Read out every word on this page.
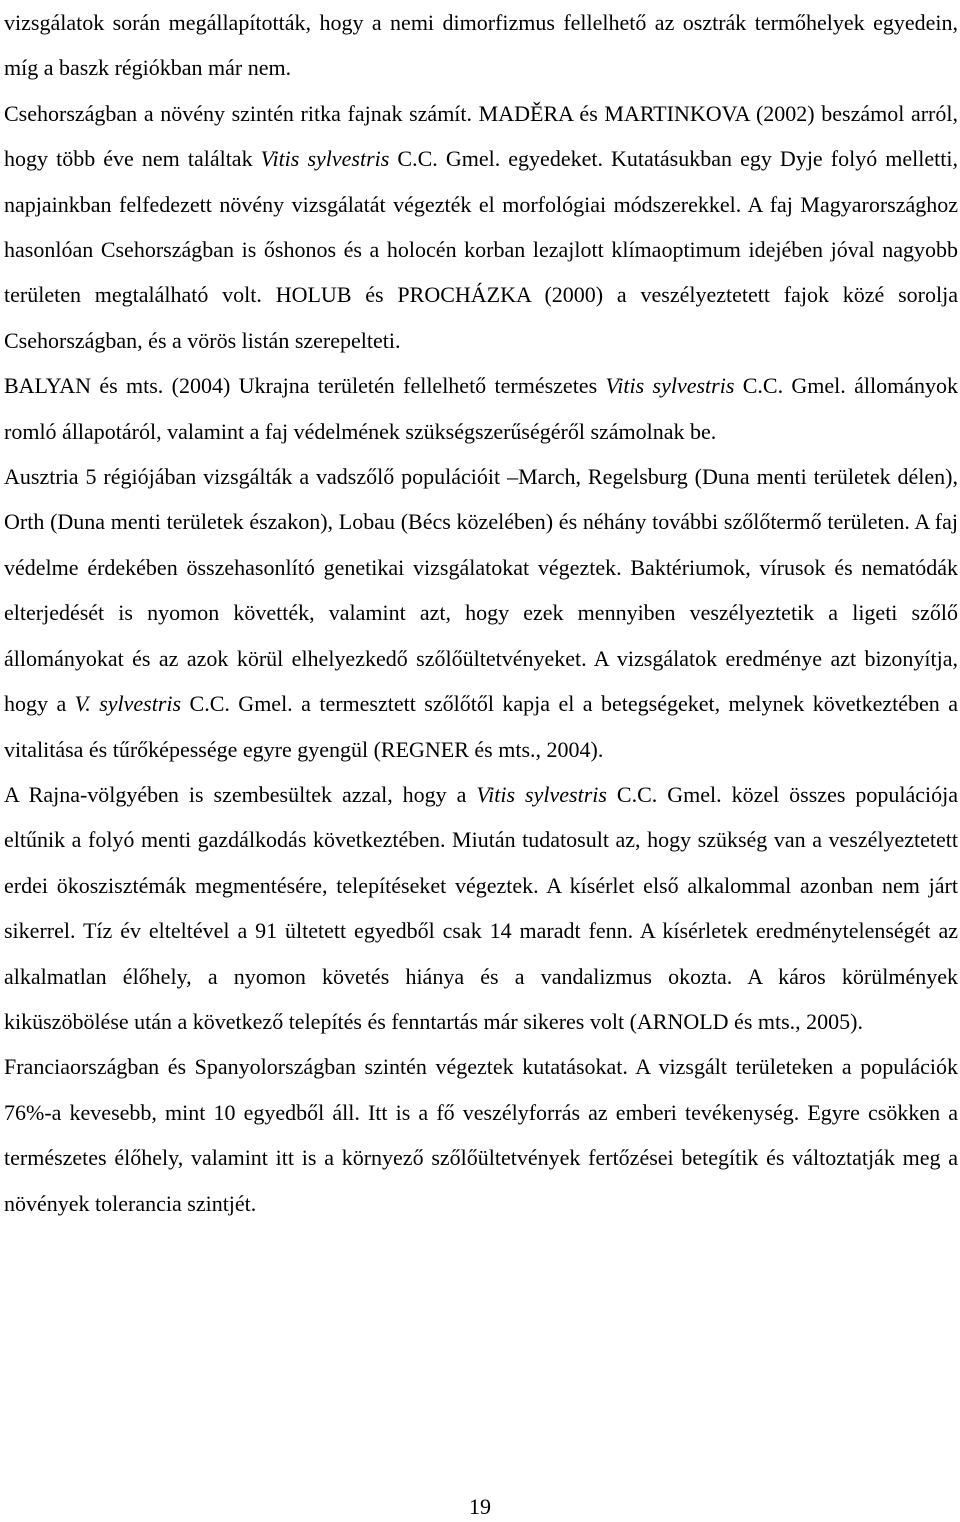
vizsgálatok során megállapították, hogy a nemi dimorfizmus fellelhető az osztrák termőhelyek egyedein, míg a baszk régiókban már nem.

Csehországban a növény szintén ritka fajnak számít. MADĚRA és MARTINKOVA (2002) beszámol arról, hogy több éve nem találtak Vitis sylvestris C.C. Gmel. egyedeket. Kutatásukban egy Dyje folyó melletti, napjainkban felfedezett növény vizsgálatát végezték el morfológiai módszerekkel. A faj Magyarországhoz hasonlóan Csehországban is őshonos és a holocén korban lezajlott klímaoptimum idejében jóval nagyobb területen megtalálható volt. HOLUB és PROCHÁZKA (2000) a veszélyeztetett fajok közé sorolja Csehországban, és a vörös listán szerepelteti.

BALYAN és mts. (2004) Ukrajna területén fellelhető természetes Vitis sylvestris C.C. Gmel. állományok romló állapotáról, valamint a faj védelmének szükségszerűségéről számolnak be.

Ausztria 5 régiójában vizsgálták a vadszőlő populációit –March, Regelsburg (Duna menti területek délen), Orth (Duna menti területek északon), Lobau (Bécs közelében) és néhány további szőlőtermő területen. A faj védelme érdekében összehasonlító genetikai vizsgálatokat végeztek. Baktériumok, vírusok és nematódák elterjedését is nyomon követték, valamint azt, hogy ezek mennyiben veszélyeztetik a ligeti szőlő állományokat és az azok körül elhelyezkedő szőlőültetvényeket. A vizsgálatok eredménye azt bizonyítja, hogy a V. sylvestris C.C. Gmel. a termesztett szőlőtől kapja el a betegségeket, melynek következtében a vitalitása és tűrőképessége egyre gyengül (REGNER és mts., 2004).

A Rajna-völgyében is szembesültek azzal, hogy a Vitis sylvestris C.C. Gmel. közel összes populációja eltűnik a folyó menti gazdálkodás következtében. Miután tudatosult az, hogy szükség van a veszélyeztetett erdei ökoszisztémák megmentésére, telepítéseket végeztek. A kísérlet első alkalommal azonban nem járt sikerrel. Tíz év elteltével a 91 ültetett egyedből csak 14 maradt fenn. A kísérletek eredménytelenségét az alkalmatlan élőhely, a nyomon követés hiánya és a vandalizmus okozta. A káros körülmények kiküszöbölése után a következő telepítés és fenntartás már sikeres volt (ARNOLD és mts., 2005).

Franciaországban és Spanyolországban szintén végeztek kutatásokat. A vizsgált területeken a populációk 76%-a kevesebb, mint 10 egyedből áll. Itt is a fő veszélyforrás az emberi tevékenység. Egyre csökken a természetes élőhely, valamint itt is a környező szőlőültetvények fertőzései betegítik és változtatják meg a növények tolerancia szintjét.

19
